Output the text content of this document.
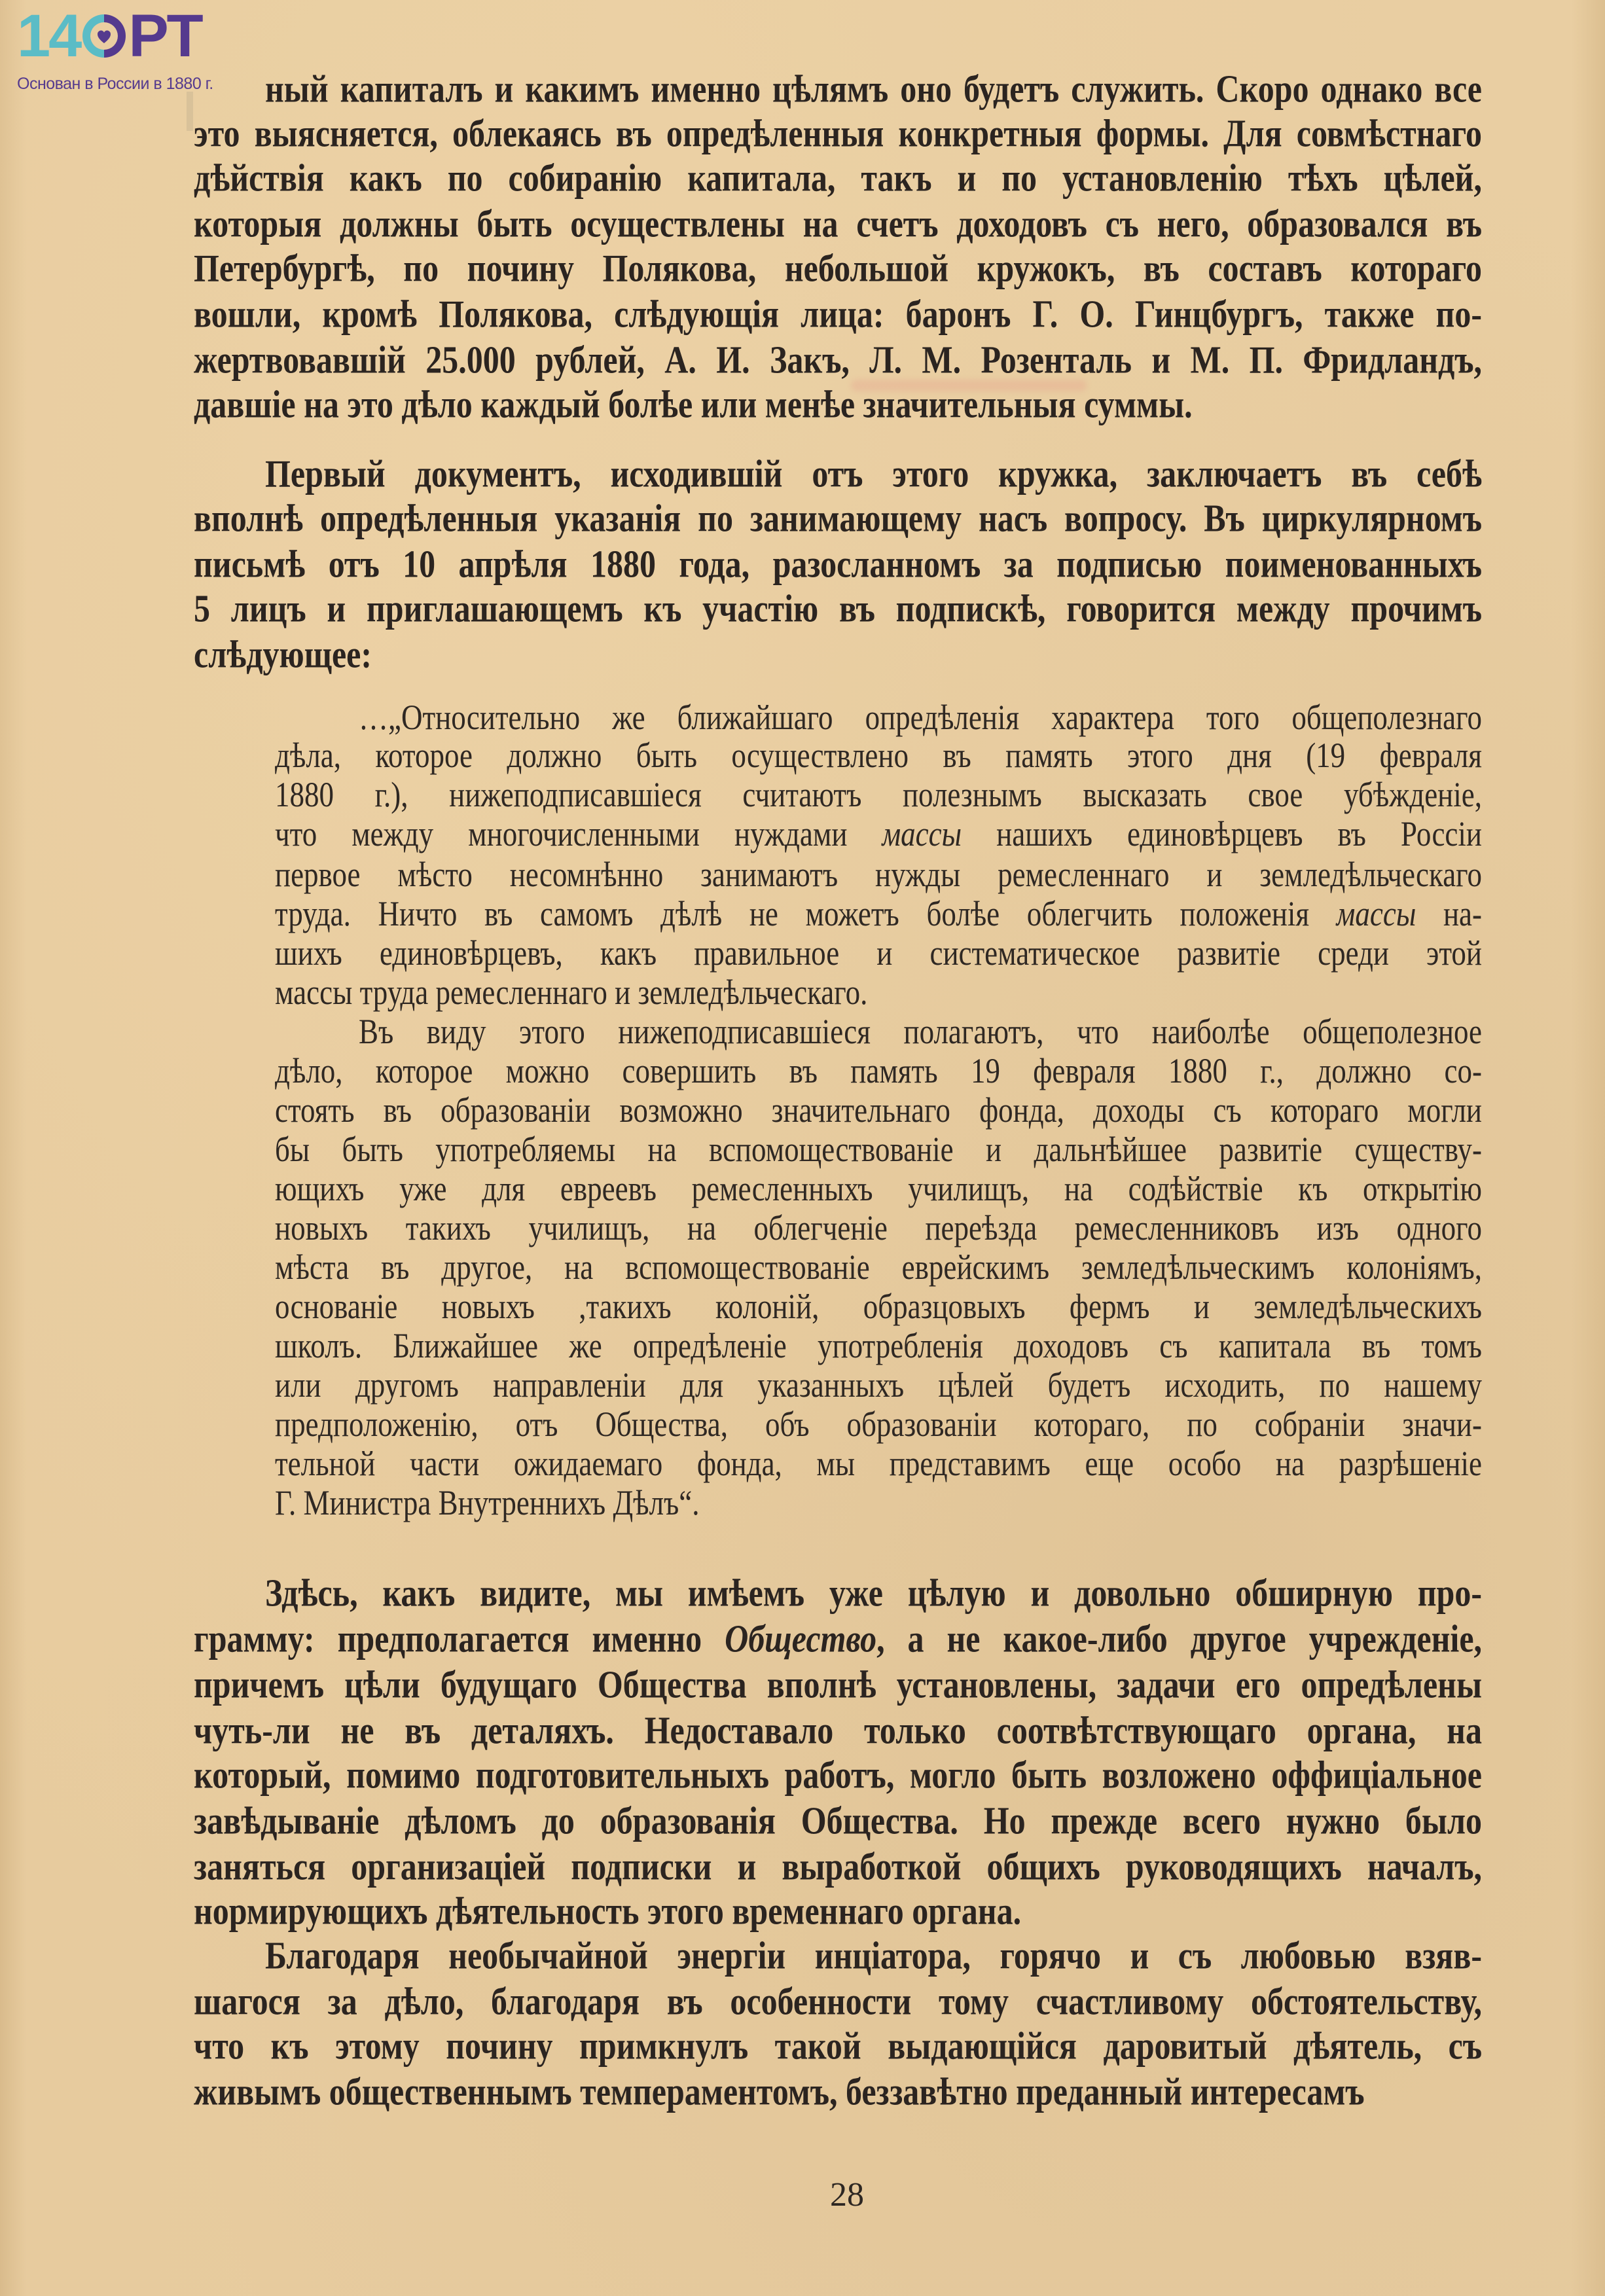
14 РТ
Основан в России в 1880 г. ный капиталъ и какимъ именно цѣлямъ оно будетъ служить. Скоро однако все
это выясняется, облекаясь въ опредѣленныя конкретныя формы. Для совмѣстнаго
дѣйствія какъ по собиранію капитала, такъ и по установленію тѣхъ цѣлей,
которыя должны быть осуществлены на счетъ доходовъ съ него, образовался въ
Петербургѣ, по почину Полякова, небольшой кружокъ, въ составъ котораго
вошли, кромѣ Полякова, слѣдующія лица: баронъ Г. О. Гинцбургъ, также по-
жертвовавшій 25.000 рублей, А. И. Закъ, Л. М. Розенталь и М. П. Фридландъ,
давшіе на это дѣло каждый болѣе или менѣе значительныя суммы.
Первый документъ, исходившій отъ этого кружка, заключаетъ въ себѣ
вполнѣ опредѣленныя указанія по занимающему насъ вопросу. Въ циркулярномъ
письмѣ отъ 10 апрѣля 1880 года, разосланномъ за подписью поименованныхъ
5 лицъ и приглашающемъ къ участію въ подпискѣ, говорится между прочимъ
слѣдующее:
…„Относительно же ближайшаго опредѣленія характера того общеполезнаго
дѣла, которое должно быть осуществлено въ память этого дня (19 февраля
1880 г.), нижеподписавшіеся считаютъ полезнымъ высказать свое убѣжденіе,
что между многочисленными нуждами массы нашихъ единовѣрцевъ въ Россіи
первое мѣсто несомнѣнно занимаютъ нужды ремесленнаго и земледѣльческаго
труда. Ничто въ самомъ дѣлѣ не можетъ болѣе облегчить положенія массы на-
шихъ единовѣрцевъ, какъ правильное и систематическое развитіе среди этой
массы труда ремесленнаго и земледѣльческаго.
Въ виду этого нижеподписавшіеся полагаютъ, что наиболѣе общеполезное
дѣло, которое можно совершить въ память 19 февраля 1880 г., должно со-
стоять въ образованіи возможно значительнаго фонда, доходы съ котораго могли
бы быть употребляемы на вспомоществованіе и дальнѣйшее развитіе существу-
ющихъ уже для евреевъ ремесленныхъ училищъ, на содѣйствіе къ открытію
новыхъ такихъ училищъ, на облегченіе переѣзда ремесленниковъ изъ одного
мѣста въ другое, на вспомоществованіе еврейскимъ земледѣльческимъ колоніямъ,
основаніе новыхъ ,такихъ колоній, образцовыхъ фермъ и земледѣльческихъ
школъ. Ближайшее же опредѣленіе употребленія доходовъ съ капитала въ томъ
или другомъ направленіи для указанныхъ цѣлей будетъ исходить, по нашему
предположенію, отъ Общества, объ образованіи котораго, по собраніи значи-
тельной части ожидаемаго фонда, мы представимъ еще особо на разрѣшеніе
Г. Министра Внутреннихъ Дѣлъ“.
Здѣсь, какъ видите, мы имѣемъ уже цѣлую и довольно обширную про-
грамму: предполагается именно Общество, а не какое-либо другое учрежденіе,
причемъ цѣли будущаго Общества вполнѣ установлены, задачи его опредѣлены
чуть-ли не въ деталяхъ. Недоставало только соотвѣтствующаго органа, на
который, помимо подготовительныхъ работъ, могло быть возложено оффиціальное
завѣдываніе дѣломъ до образованія Общества. Но прежде всего нужно было
заняться организаціей подписки и выработкой общихъ руководящихъ началъ,
нормирующихъ дѣятельность этого временнаго органа.
Благодаря необычайной энергіи инціатора, горячо и съ любовью взяв-
шагося за дѣло, благодаря въ особенности тому счастливому обстоятельству,
что къ этому почину примкнулъ такой выдающійся даровитый дѣятель, съ
живымъ общественнымъ темпераментомъ, беззавѣтно преданный интересамъ
28
